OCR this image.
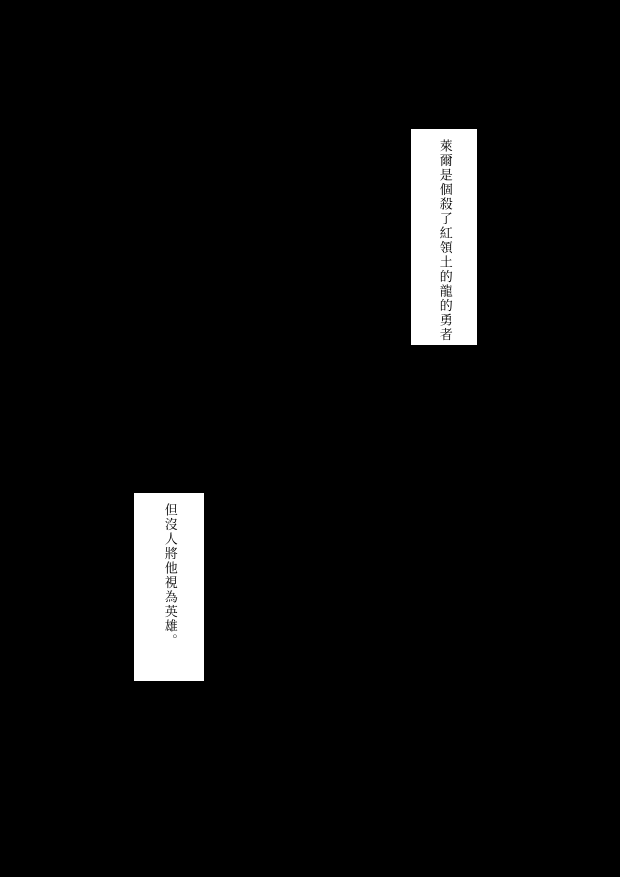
萊爾是個殺了紅領土的龍的勇者
但沒人將他視為英雄。
